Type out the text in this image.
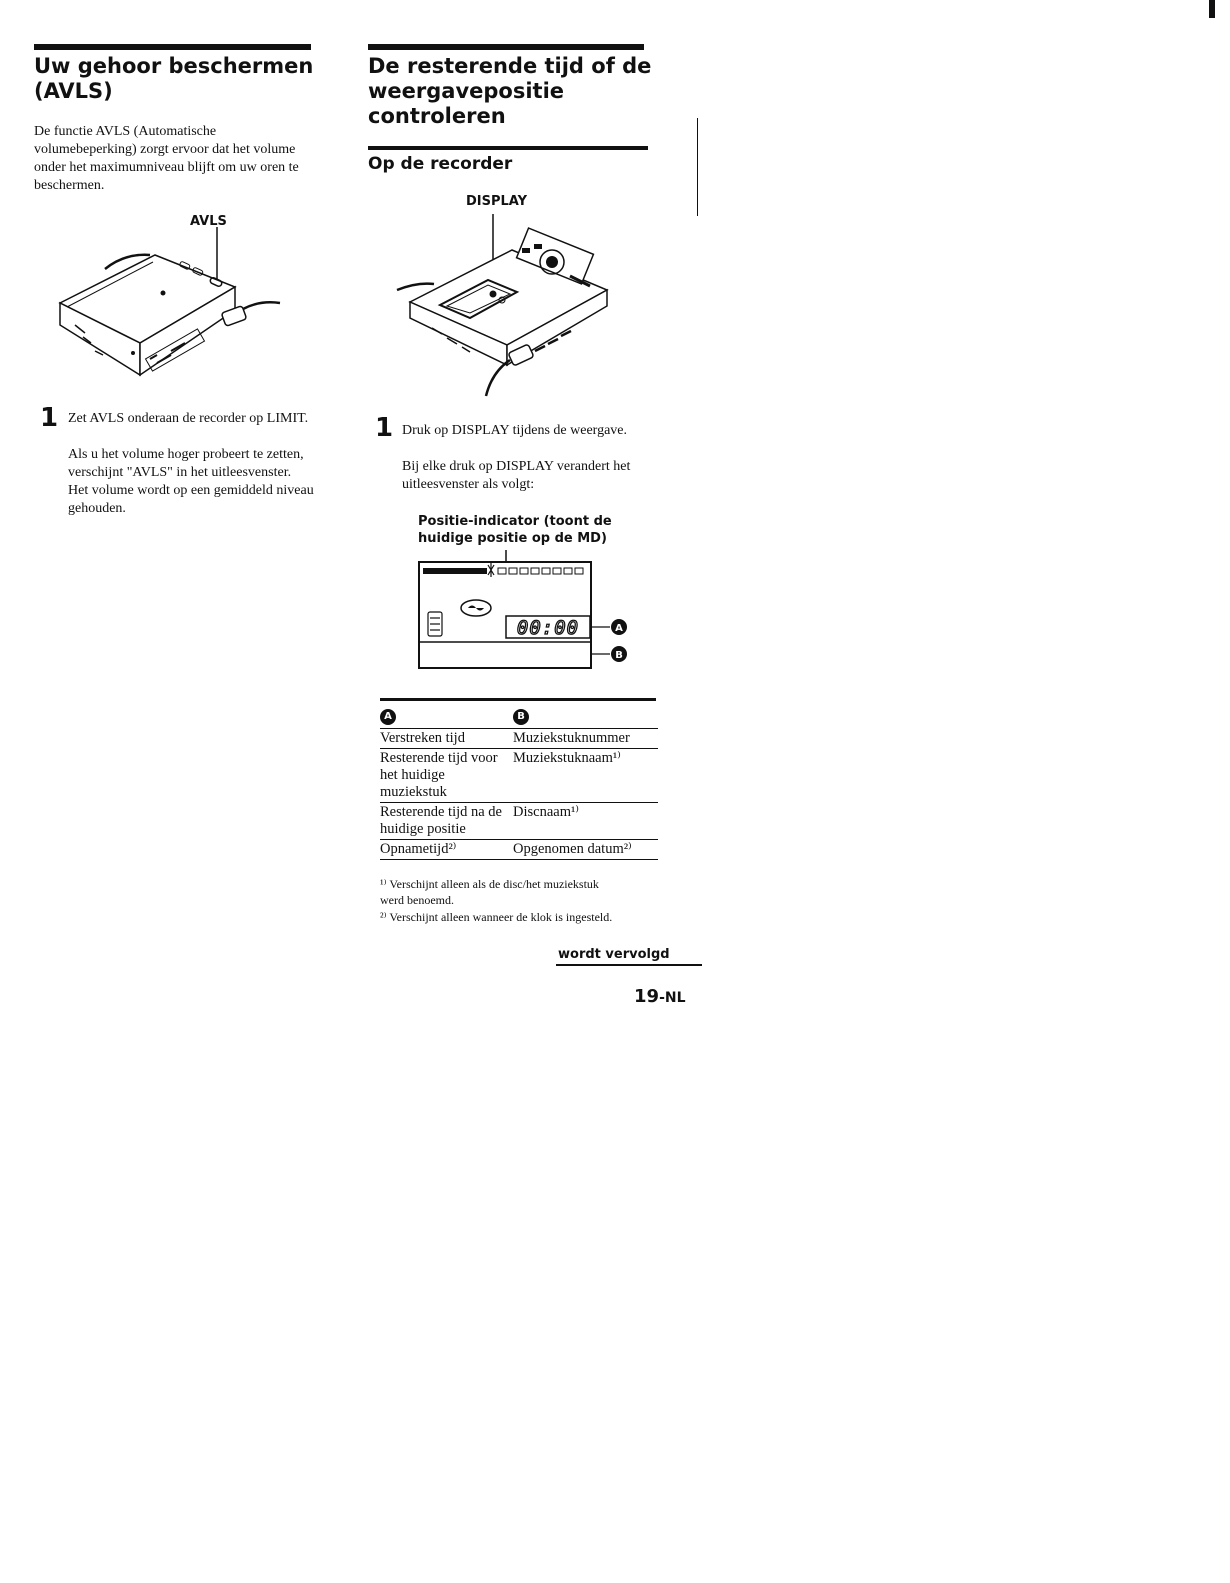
Uw gehoor beschermen
(AVLS)

De functie AVLS (Automatische volumebeperking) zorgt ervoor dat het volume onder het maximumniveau blijft om uw oren te beschermen.

AVLS
1 Zet AVLS onderaan de recorder op LIMIT.

Als u het volume hoger probeert te zetten, verschijnt "AVLS" in het uitleesvenster. Het volume wordt op een gemiddeld niveau gehouden.

De resterende tijd of de
weergavepositie
controleren
Op de recorder
DISPLAY
1 Druk op DISPLAY tijdens de weergave.

Bij elke druk op DISPLAY verandert het uitleesvenster als volgt:

Positie-indicator (toont de
huidige positie op de MD)
00:00	A
B
A	B
Verstreken tijd	Muziekstuknummer
Resterende tijd voor het huidige muziekstuk	Muziekstuknaam¹⁾
Resterende tijd na de huidige positie	Discnaam¹⁾
Opnametijd²⁾	Opgenomen datum²⁾

¹⁾ Verschijnt alleen als de disc/het muziekstuk werd benoemd.

²⁾ Verschijnt alleen wanneer de klok is ingesteld.

wordt vervolgd
19-NL
